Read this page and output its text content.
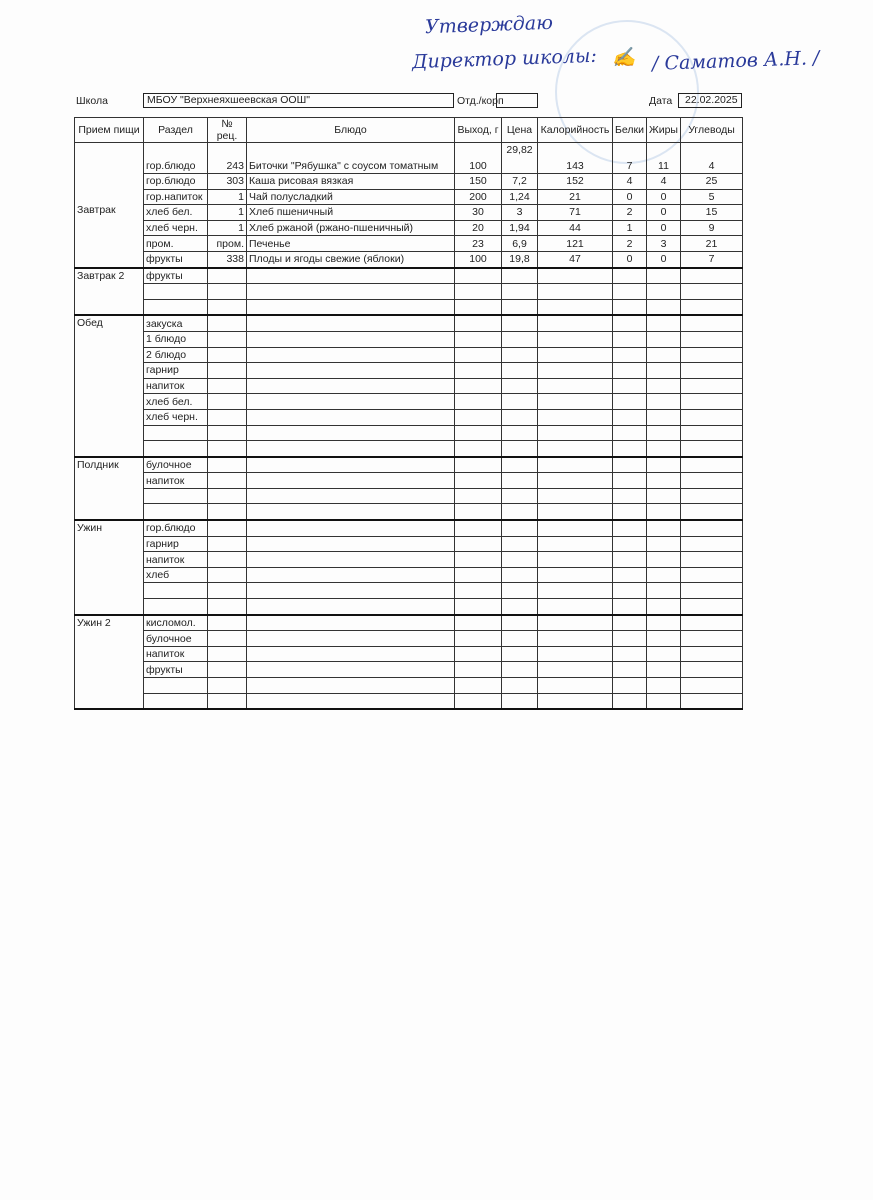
Утверждаю
Директор школы: ✍ / Саматов А.Н. /
Школа	МБОУ "Верхнеяхшеевская ООШ"	Отд./корп	Дата	22.02.2025
Прием пищи	Раздел	№ рец.	Блюдо	Выход, г	Цена	Калорийность	Белки	Жиры	Углеводы
Завтрак	гор.блюдо	243	Биточки "Рябушка" с соусом томатным	100	29,82	143	7	11	4
	гор.блюдо	303	Каша рисовая вязкая	150	7,2	152	4	4	25
	гор.напиток	1	Чай полусладкий	200	1,24	21	0	0	5
	хлеб бел.	1	Хлеб пшеничный	30	3	71	2	0	15
	хлеб черн.	1	Хлеб ржаной (ржано-пшеничный)	20	1,94	44	1	0	9
	пром.	пром.	Печенье	23	6,9	121	2	3	21
	фрукты	338	Плоды и ягоды свежие (яблоки)	100	19,8	47	0	0	7
Завтрак 2	фрукты								

Обед	закуска								
	1 блюдо								
	2 блюдо								
	гарнир								
	напиток								
	хлеб бел.								
	хлеб черн.								

Полдник	булочное								
	напиток								

Ужин	гор.блюдо								
	гарнир								
	напиток								
	хлеб								

Ужин 2	кисломол.								
	булочное								
	напиток								
	фрукты								
